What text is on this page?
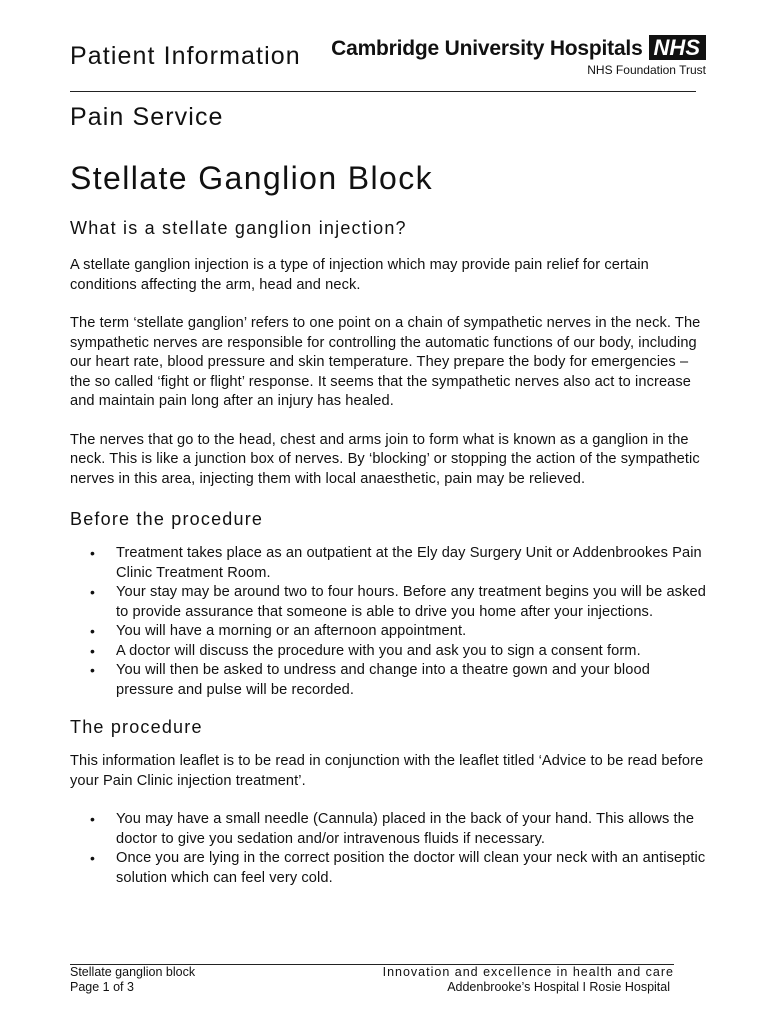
Patient Information Cambridge University Hospitals NHS
NHS Foundation Trust
Pain Service
Stellate Ganglion Block
What is a stellate ganglion injection?

A stellate ganglion injection is a type of injection which may provide pain relief for certain conditions affecting the arm, head and neck.

The term ‘stellate ganglion’ refers to one point on a chain of sympathetic nerves in the neck. The sympathetic nerves are responsible for controlling the automatic functions of our body, including our heart rate, blood pressure and skin temperature. They prepare the body for emergencies – the so called ‘fight or flight’ response. It seems that the sympathetic nerves also act to increase and maintain pain long after an injury has healed.

The nerves that go to the head, chest and arms join to form what is known as a ganglion in the neck. This is like a junction box of nerves. By ‘blocking’ or stopping the action of the sympathetic nerves in this area, injecting them with local anaesthetic, pain may be relieved.

Before the procedure
• Treatment takes place as an outpatient at the Ely day Surgery Unit or Addenbrookes Pain Clinic Treatment Room.
• Your stay may be around two to four hours. Before any treatment begins you will be asked to provide assurance that someone is able to drive you home after your injections.
• You will have a morning or an afternoon appointment.
• A doctor will discuss the procedure with you and ask you to sign a consent form.
• You will then be asked to undress and change into a theatre gown and your blood pressure and pulse will be recorded.
The procedure

This information leaflet is to be read in conjunction with the leaflet titled ‘Advice to be read before your Pain Clinic injection treatment’.

• You may have a small needle (Cannula) placed in the back of your hand. This allows the doctor to give you sedation and/or intravenous fluids if necessary.
• Once you are lying in the correct position the doctor will clean your neck with an antiseptic solution which can feel very cold.
Stellate ganglion block
Page 1 of 3
Innovation and excellence in health and care
Addenbrooke’s Hospital I Rosie Hospital
